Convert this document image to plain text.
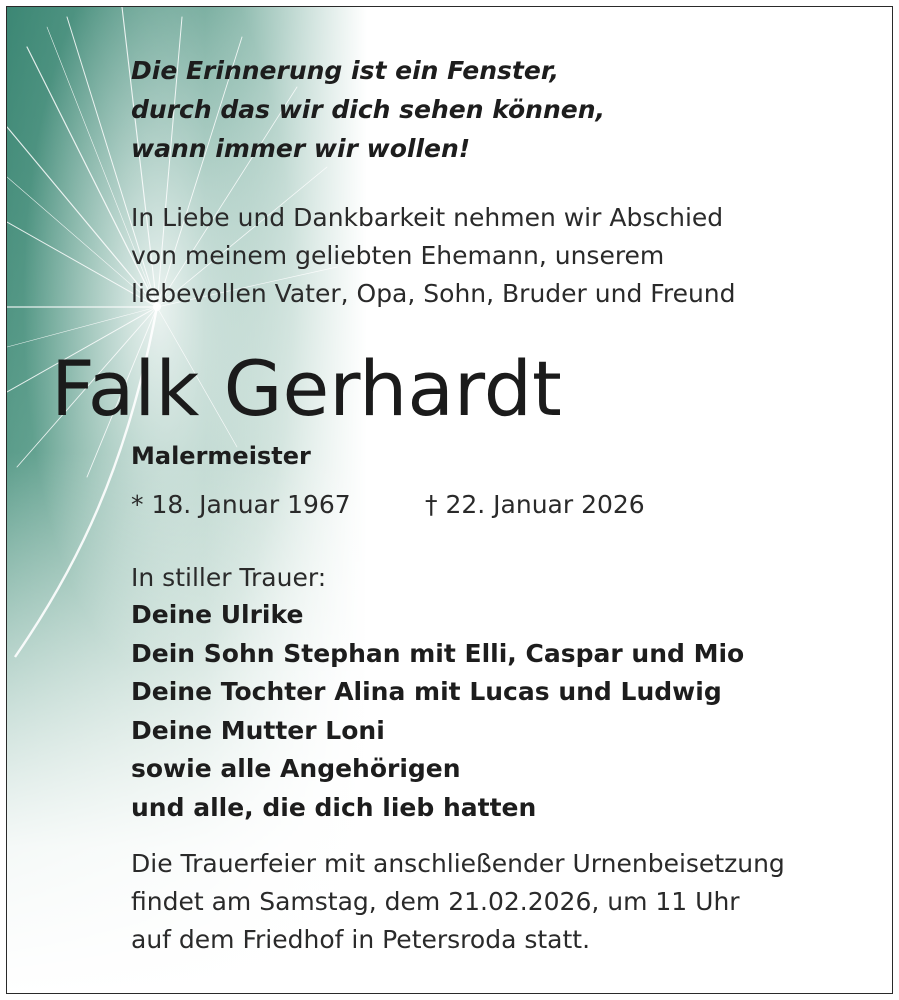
Die Erinnerung ist ein Fenster,
durch das wir dich sehen können,
wann immer wir wollen!
In Liebe und Dankbarkeit nehmen wir Abschied
von meinem geliebten Ehemann, unserem
liebevollen Vater, Opa, Sohn, Bruder und Freund
Falk Gerhardt
Malermeister
* 18. Januar 1967	† 22. Januar 2026
In stiller Trauer:
Deine Ulrike
Dein Sohn Stephan mit Elli, Caspar und Mio
Deine Tochter Alina mit Lucas und Ludwig
Deine Mutter Loni
sowie alle Angehörigen
und alle, die dich lieb hatten
Die Trauerfeier mit anschließender Urnenbeisetzung
findet am Samstag, dem 21.02.2026, um 11 Uhr
auf dem Friedhof in Petersroda statt.
